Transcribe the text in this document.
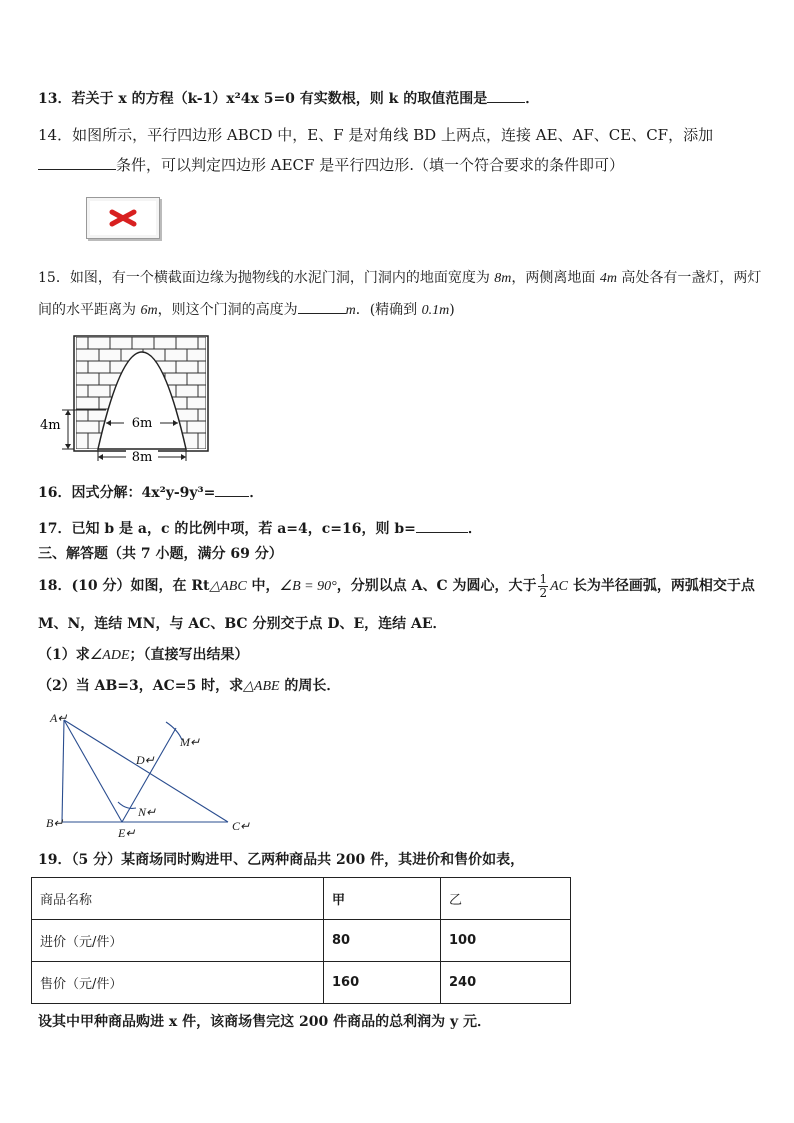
13．若关于 x 的方程（k-1）x²4x 5=0 有实数根，则 k 的取值范围是	．
14．如图所示，平行四边形 ABCD 中，E、F 是对角线 BD 上两点，连接 AE、AF、CE、CF，添加
条件，可以判定四边形 AECF 是平行四边形.（填一个符合要求的条件即可）
15．如图，有一个横截面边缘为抛物线的水泥门洞，门洞内的地面宽度为 8m，两侧离地面 4m 高处各有一盏灯，两灯
间的水平距离为 6m，则这个门洞的高度为	m．(精确到 0.1m)
6m
4m
8m
16．因式分解：4x²y-9y³= ．
17．已知 b 是 a，c 的比例中项，若 a=4，c=16，则 b=	．
三、解答题（共 7 小题，满分 69 分）
18．(10 分）如图，在 Rt△ABC 中，∠B = 90°，分别以点 A、C 为圆心，大于 $\frac{1}{2}$ AC 长为半径画弧，两弧相交于点
M、N，连结 MN，与 AC、BC 分别交于点 D、E，连结 AE．
（1）求∠ADE；（直接写出结果）
（2）当 AB=3，AC=5 时，求△ABE 的周长．
A↵
B↵	C↵
D↵
E↵
M↵
N↵
19．（5 分）某商场同时购进甲、乙两种商品共 200 件，其进价和售价如表，
商品名称	甲	乙
进价（元/件）	80	100
售价（元/件）	160	240
设其中甲种商品购进 x 件，该商场售完这 200 件商品的总利润为 y 元．
